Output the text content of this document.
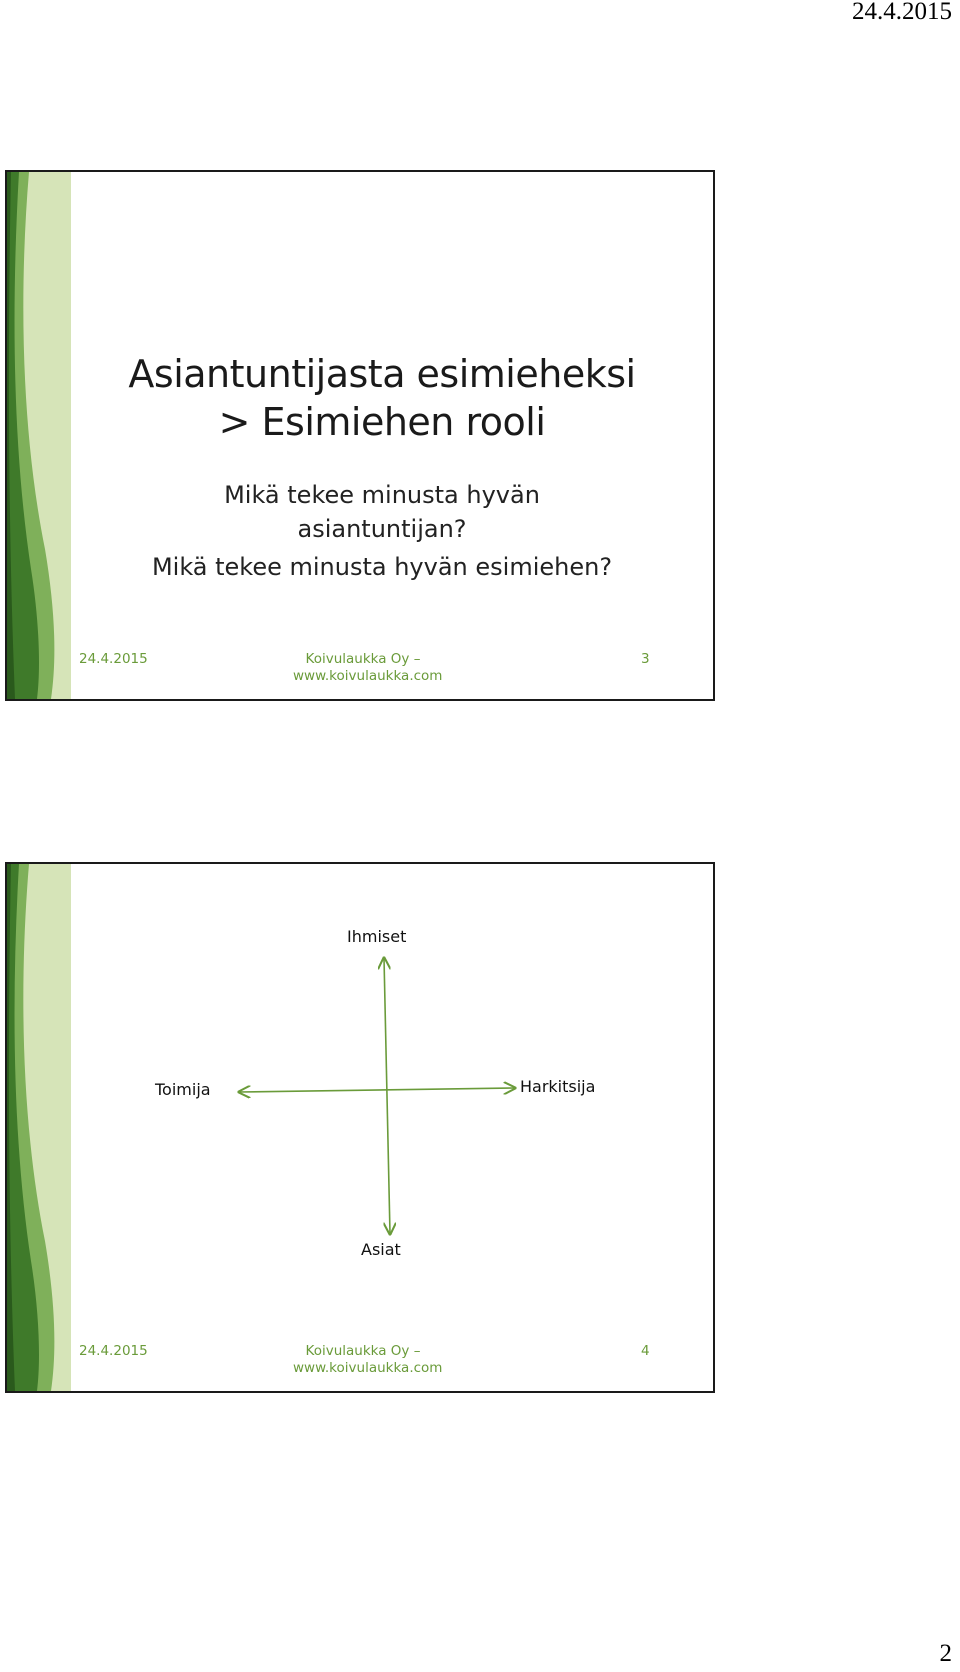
24.4.2015
Asiantuntijasta esimieheksi
> Esimiehen rooli
Mikä tekee minusta hyvän
asiantuntijan?
Mikä tekee minusta hyvän esimiehen?
24.4.2015	Koivulaukka Oy –
www.koivulaukka.com
3
Ihmiset
Toimija	Harkitsija
Asiat
24.4.2015	Koivulaukka Oy –
www.koivulaukka.com
4
2
